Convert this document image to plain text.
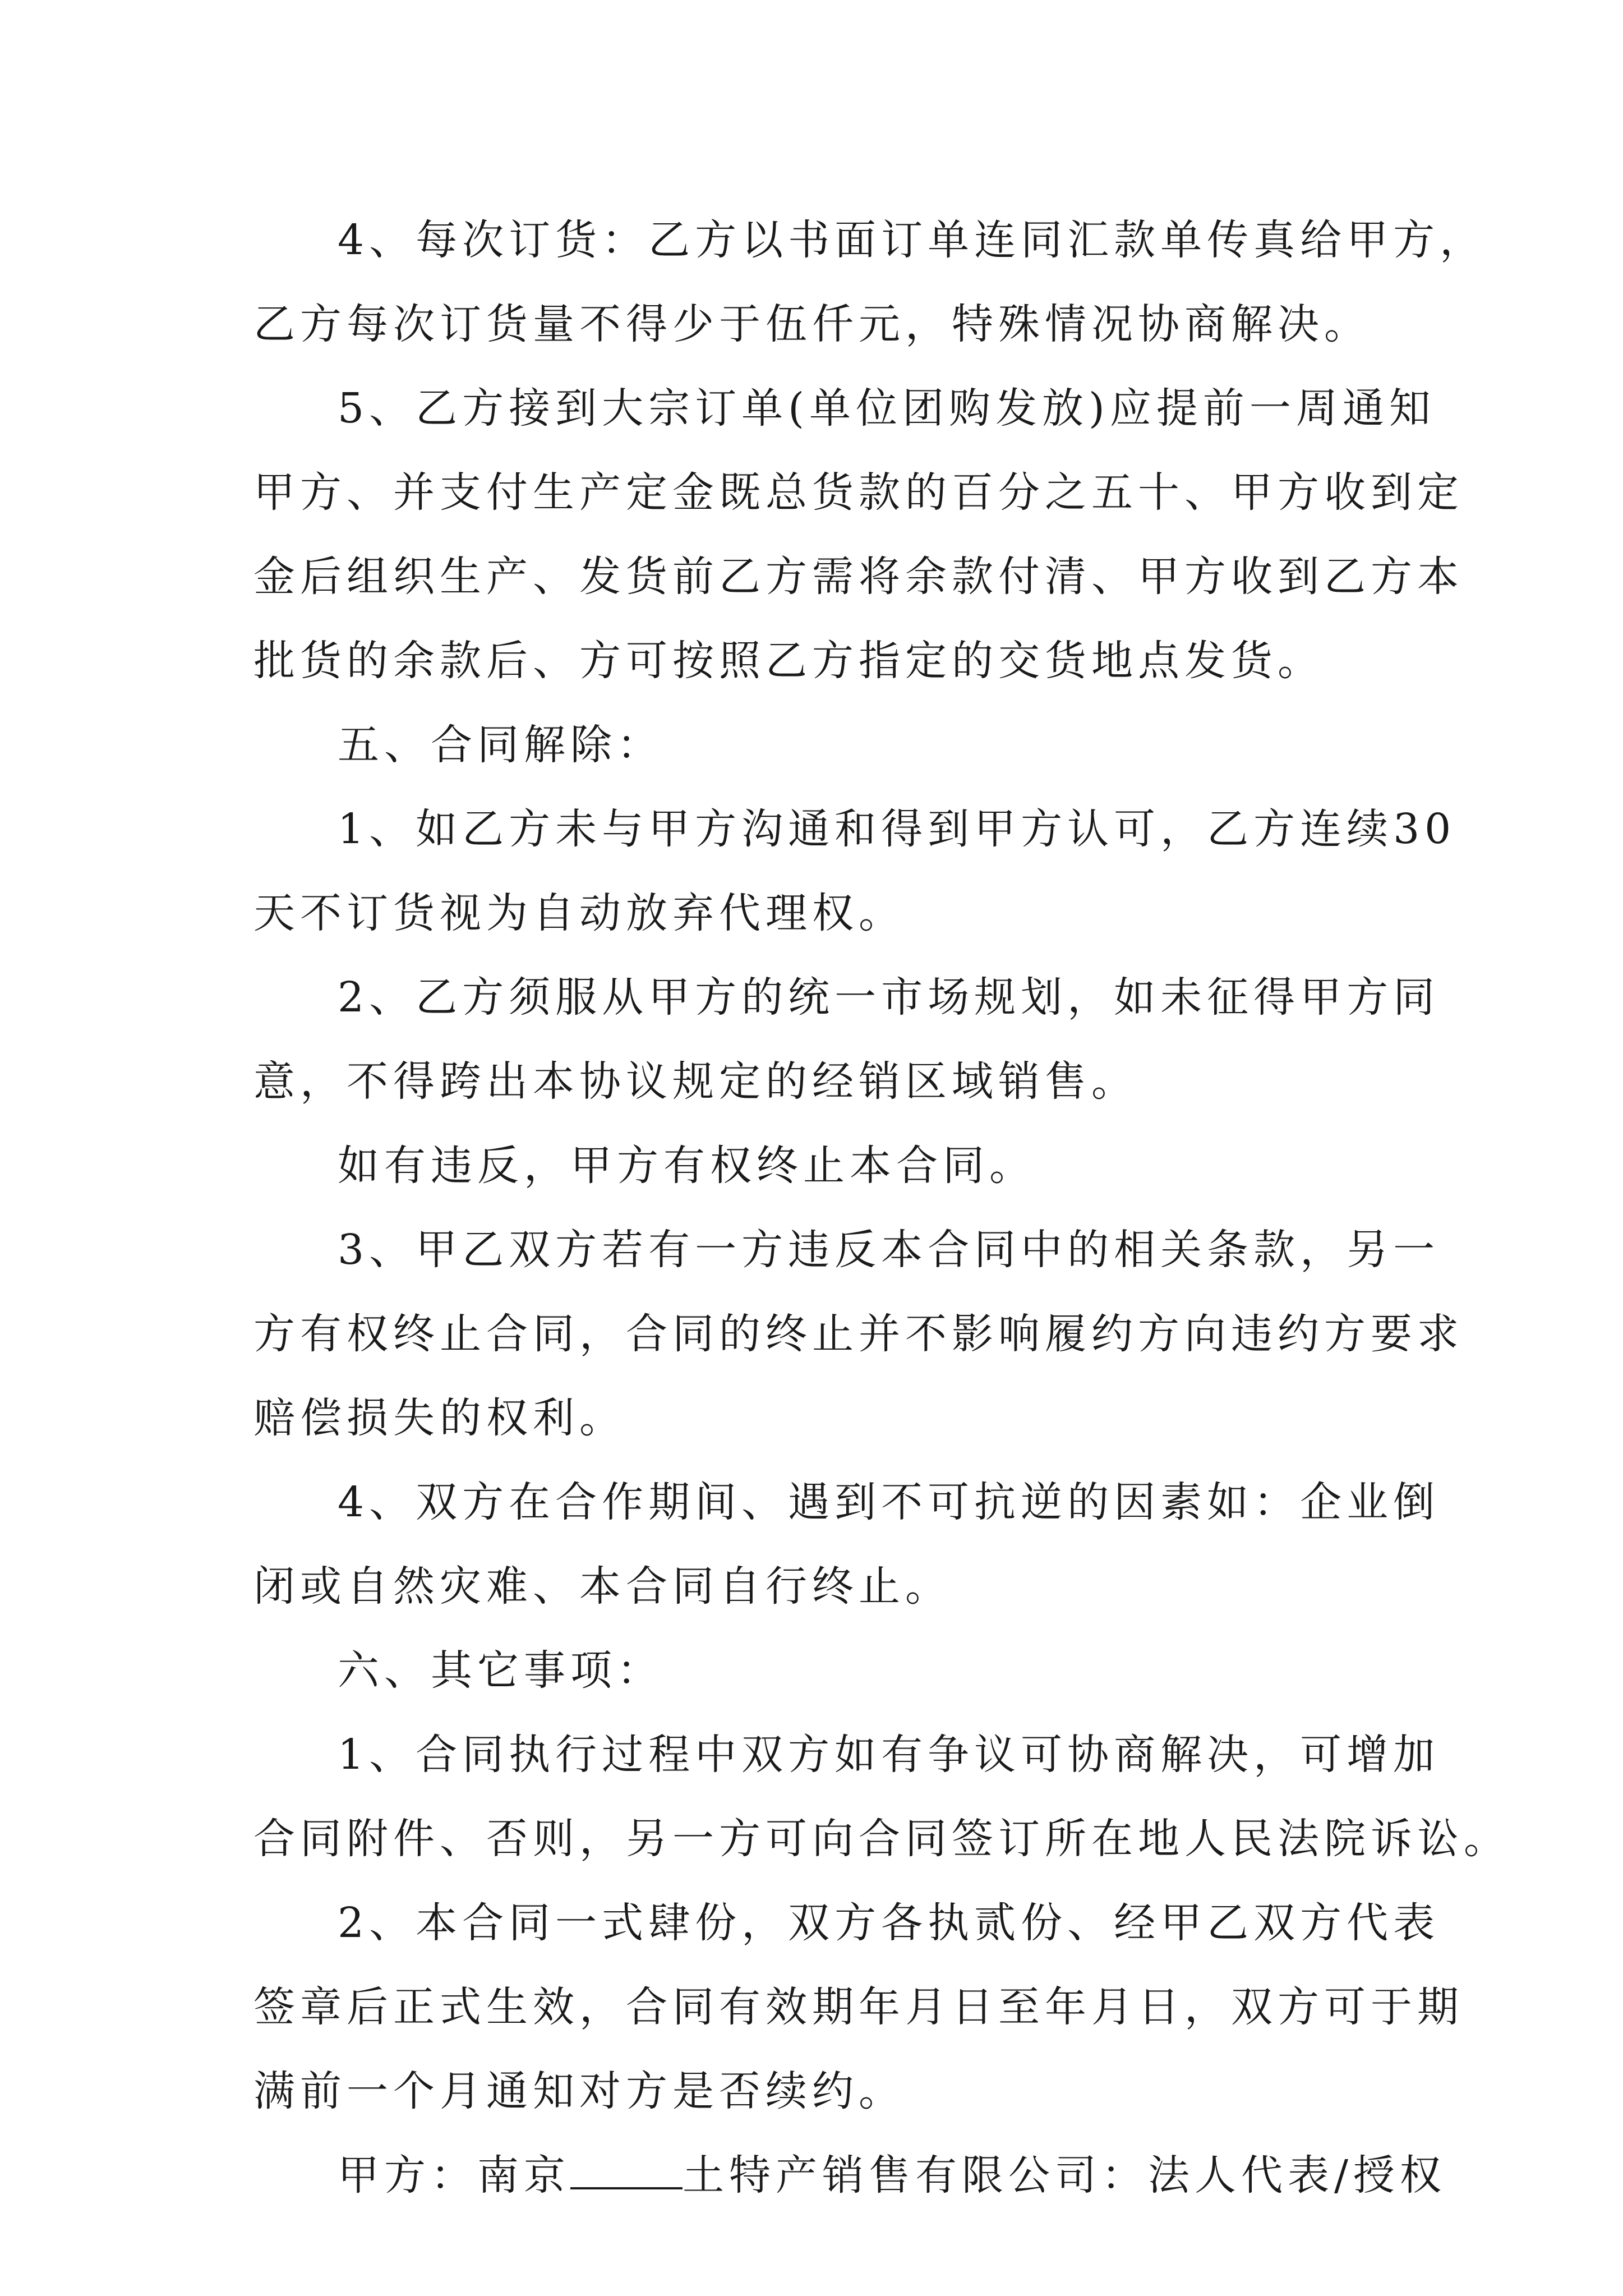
4、每次订货：乙方以书面订单连同汇款单传真给甲方，

乙方每次订货量不得少于伍仟元，特殊情况协商解决。

5、乙方接到大宗订单(单位团购发放)应提前一周通知

甲方、并支付生产定金既总货款的百分之五十、甲方收到定

金后组织生产、发货前乙方需将余款付清、甲方收到乙方本

批货的余款后、方可按照乙方指定的交货地点发货。

五、合同解除：

1、如乙方未与甲方沟通和得到甲方认可，乙方连续30

天不订货视为自动放弃代理权。

2、乙方须服从甲方的统一市场规划，如未征得甲方同

意，不得跨出本协议规定的经销区域销售。

如有违反，甲方有权终止本合同。

3、甲乙双方若有一方违反本合同中的相关条款，另一

方有权终止合同，合同的终止并不影响履约方向违约方要求

赔偿损失的权利。

4、双方在合作期间、遇到不可抗逆的因素如：企业倒

闭或自然灾难、本合同自行终止。

六、其它事项：

1、合同执行过程中双方如有争议可协商解决，可增加

合同附件、否则，另一方可向合同签订所在地人民法院诉讼。

2、本合同一式肆份，双方各执贰份、经甲乙双方代表

签章后正式生效，合同有效期年月日至年月日，双方可于期

满前一个月通知对方是否续约。

甲方：南京	土特产销售有限公司：法人代表/授权
